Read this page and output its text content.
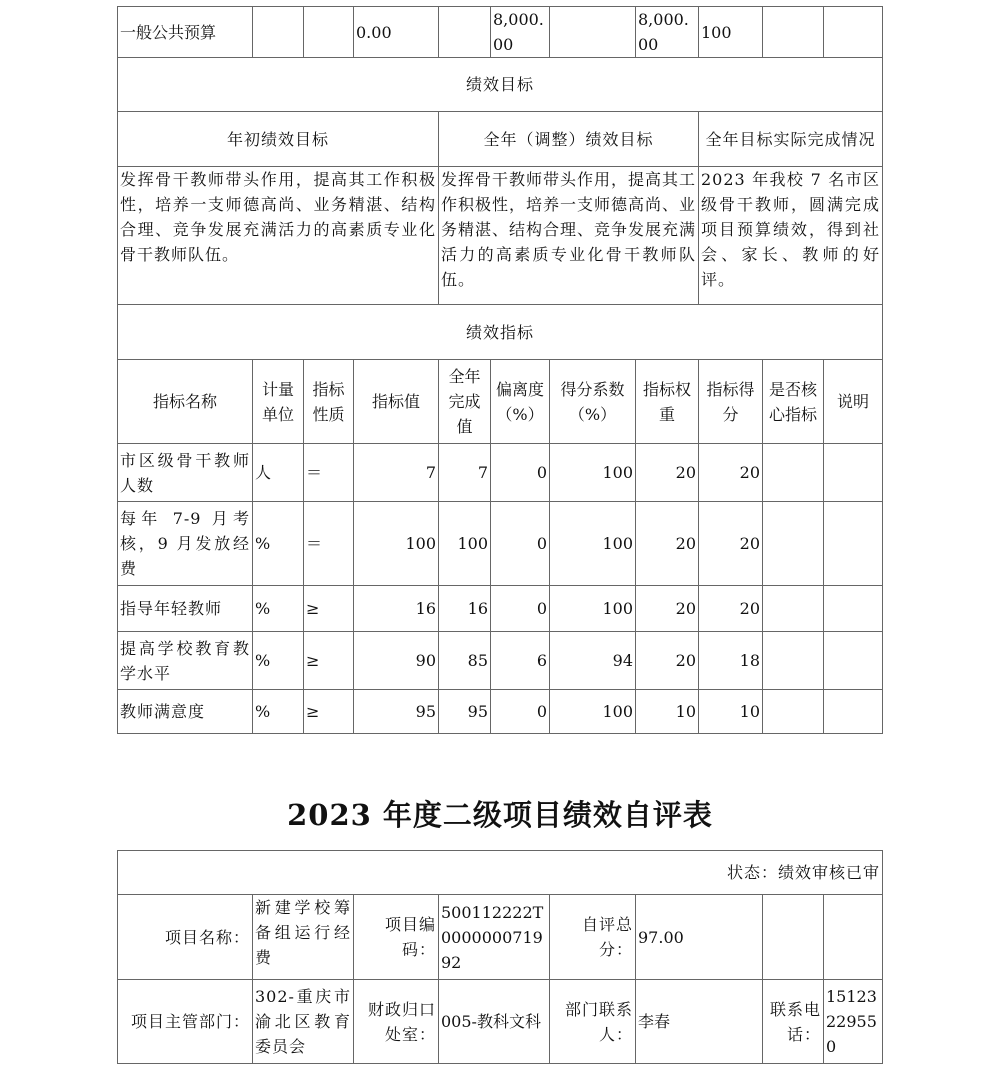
一般公共预算			0.00		8,000.00		8,000.00	100		
绩效目标										
年初绩效目标				全年（调整）绩效目标				全年目标实际完成情况		
发挥骨干教师带头作用，提高其工作积极性，培养一支师德高尚、业务精湛、结构合理、竞争发展充满活力的高素质专业化骨干教师队伍。				发挥骨干教师带头作用，提高其工作积极性，培养一支师德高尚、业务精湛、结构合理、竞争发展充满活力的高素质专业化骨干教师队伍。				2023 年我校 7 名市区级骨干教师，圆满完成项目预算绩效，得到社会、家长、教师的好评。		
绩效指标										
指标名称	计量单位	指标性质	指标值	全年完成值	偏离度（%）	得分系数（%）	指标权重	指标得分	是否核心指标	说明
市区级骨干教师人数	人	＝	7	7	0	100	20	20		
每年 7-9 月考核，9 月发放经费	%	＝	100	100	0	100	20	20		
指导年轻教师	%	≥	16	16	0	100	20	20		
提高学校教育教学水平	%	≥	90	85	6	94	20	18		
教师满意度	%	≥	95	95	0	100	10	10		
2023 年度二级项目绩效自评表
状态：绩效审核已审							
项目名称：	新建学校筹备组运行经费	项目编码：	500112222T000000071992	自评总分：	97.00		
项目主管部门：	302-重庆市渝北区教育委员会	财政归口处室：	005-教科文科	部门联系人：	李春	联系电话：	15123229550
